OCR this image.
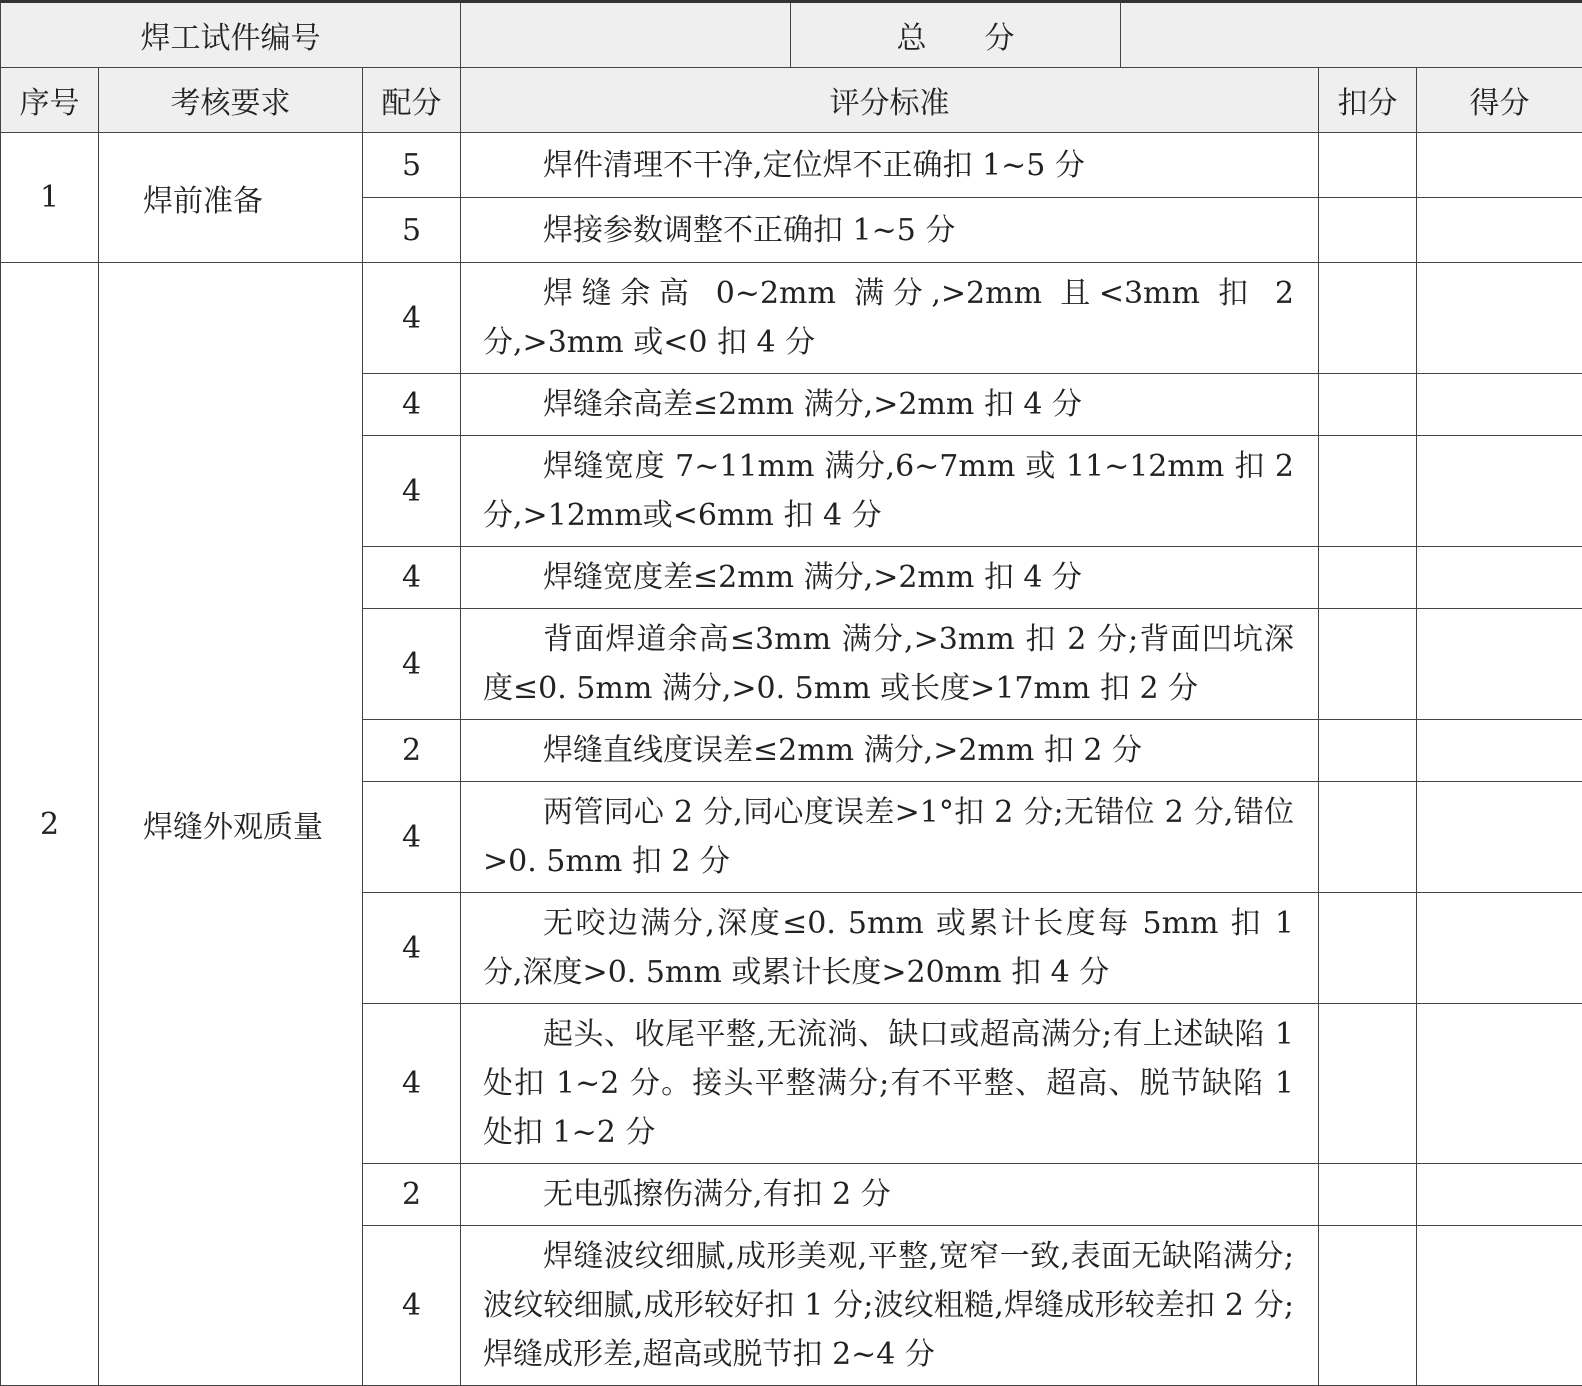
焊工试件编号				总 分			
序号	考核要求	配分	评分标准			扣分	得分
1	焊前准备	5	焊件清理不干净,定位焊不正确扣 1~5 分				
		5	焊接参数调整不正确扣 1~5 分				
2	焊缝外观质量	4	焊缝余高 0~2mm 满分,>2mm 且<3mm 扣 2 分,>3mm 或<0 扣 4 分				
		4	焊缝余高差≤2mm 满分,>2mm 扣 4 分				
		4	焊缝宽度 7~11mm 满分,6~7mm 或 11~12mm 扣 2 分,>12mm或<6mm 扣 4 分				
		4	焊缝宽度差≤2mm 满分,>2mm 扣 4 分				
		4	背面焊道余高≤3mm 满分,>3mm 扣 2 分;背面凹坑深度≤0. 5mm 满分,>0. 5mm 或长度>17mm 扣 2 分				
		2	焊缝直线度误差≤2mm 满分,>2mm 扣 2 分				
		4	两管同心 2 分,同心度误差>1°扣 2 分;无错位 2 分,错位>0. 5mm 扣 2 分				
		4	无咬边满分,深度≤0. 5mm 或累计长度每 5mm 扣 1 分,深度>0. 5mm 或累计长度>20mm 扣 4 分				
		4	起头、收尾平整,无流淌、缺口或超高满分;有上述缺陷 1 处扣 1~2 分。接头平整满分;有不平整、超高、脱节缺陷 1 处扣 1~2 分				
		2	无电弧擦伤满分,有扣 2 分				
		4	焊缝波纹细腻,成形美观,平整,宽窄一致,表面无缺陷满分;波纹较细腻,成形较好扣 1 分;波纹粗糙,焊缝成形较差扣 2 分;焊缝成形差,超高或脱节扣 2~4 分				
